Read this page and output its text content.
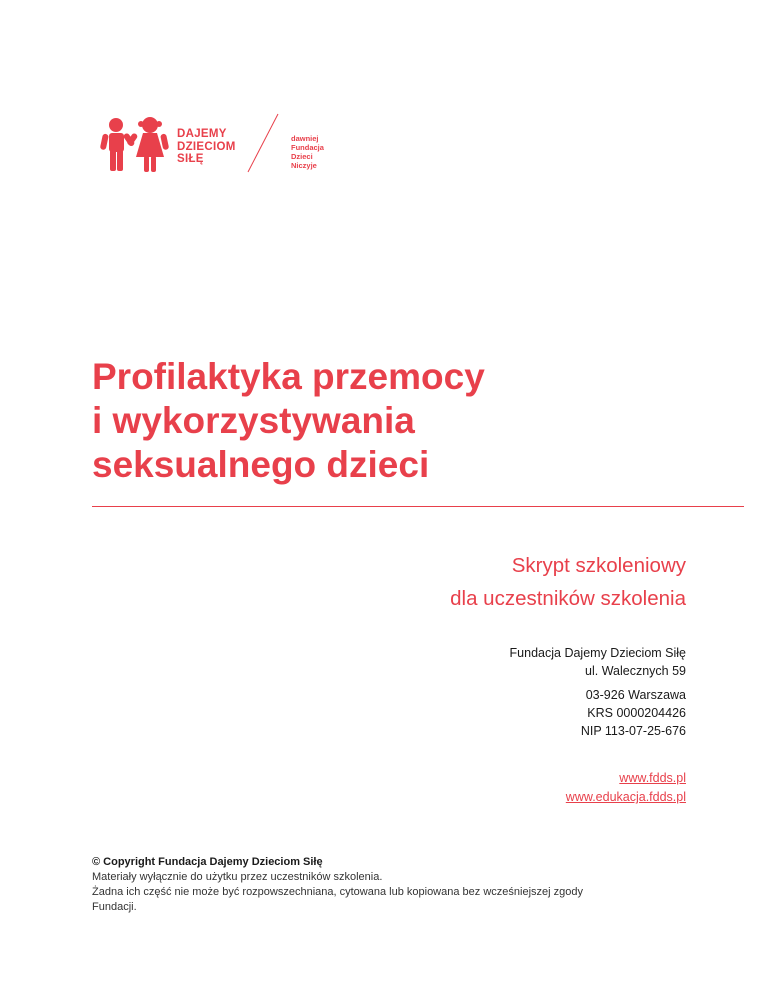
DAJEMY
DZIECIOM
SIŁĘ
dawniej
Fundacja
Dzieci
Niczyje
Profilaktyka przemocy
i wykorzystywania
seksualnego dzieci
Skrypt szkoleniowy
dla uczestników szkolenia
Fundacja Dajemy Dzieciom Siłę
ul. Walecznych 59
03-926 Warszawa
KRS 0000204426
NIP 113-07-25-676
www.fdds.pl
www.edukacja.fdds.pl
© Copyright Fundacja Dajemy Dzieciom Siłę
Materiały wyłącznie do użytku przez uczestników szkolenia.
Żadna ich część nie może być rozpowszechniana, cytowana lub kopiowana bez wcześniejszej zgody
Fundacji.
